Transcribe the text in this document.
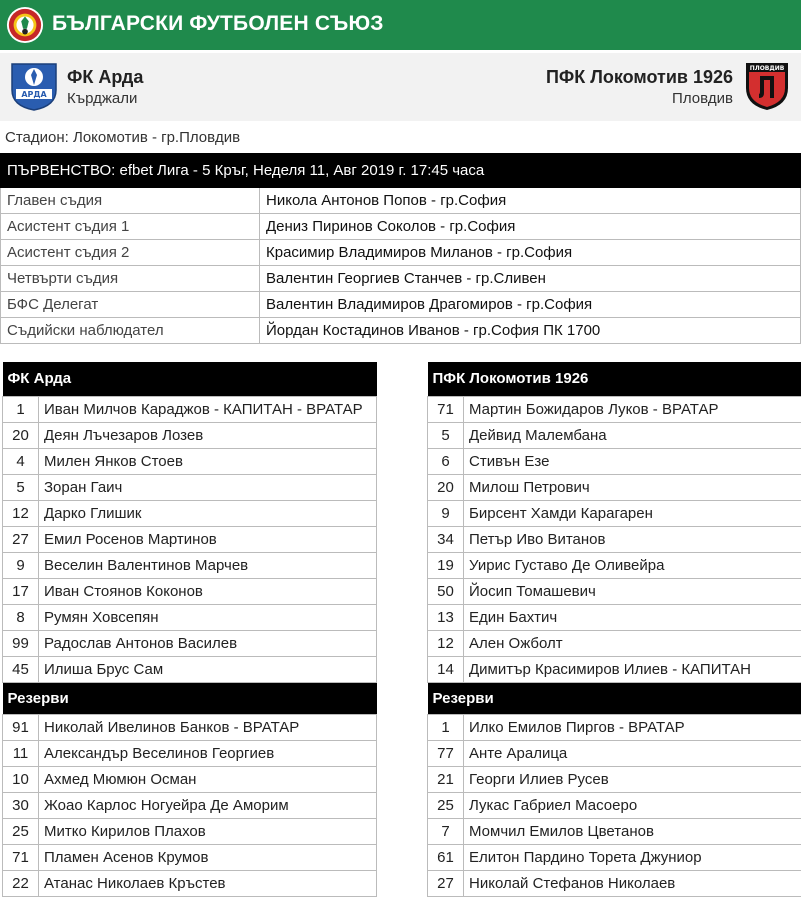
БЪЛГАРСКИ ФУТБОЛЕН СЪЮЗ
АРДА
ФК Арда
Кърджали
ПФК Локомотив 1926
Пловдив
ПЛОВДИВ
Стадион: Локомотив - гр.Пловдив
ПЪРВЕНСТВО: efbet Лига - 5 Кръг, Неделя 11, Авг 2019 г. 17:45 часа	
Главен съдия	Никола Антонов Попов - гр.София
Асистент съдия 1	Дениз Пиринов Соколов - гр.София
Асистент съдия 2	Красимир Владимиров Миланов - гр.София
Четвърти съдия	Валентин Георгиев Станчев - гр.Сливен
БФС Делегат	Валентин Владимиров Драгомиров - гр.София
Съдийски наблюдател	Йордан Костадинов Иванов - гр.София ПК 1700
ФК Арда	
1	Иван Милчов Караджов - КАПИТАН - ВРАТАР
20	Деян Лъчезаров Лозев
4	Милен Янков Стоев
5	Зоран Гаич
12	Дарко Глишик
27	Емил Росенов Мартинов
9	Веселин Валентинов Марчев
17	Иван Стоянов Коконов
8	Румян Ховсепян
99	Радослав Антонов Василев
45	Илиша Брус Сам
Резерви	
91	Николай Ивелинов Банков - ВРАТАР
11	Александър Веселинов Георгиев
10	Ахмед Мюмюн Осман
30	Жоао Карлос Ногуейра Де Аморим
25	Митко Кирилов Плахов
71	Пламен Асенов Крумов
22	Атанас Николаев Кръстев
ПФК Локомотив 1926	
71	Мартин Божидаров Луков - ВРАТАР
5	Дейвид Малембана
6	Стивън Езе
20	Милош Петрович
9	Бирсент Хамди Карагарен
34	Петър Иво Витанов
19	Уирис Густаво Де Оливейра
50	Йосип Томашевич
13	Един Бахтич
12	Ален Ожболт
14	Димитър Красимиров Илиев - КАПИТАН
Резерви	
1	Илко Емилов Пиргов - ВРАТАР
77	Анте Аралица
21	Георги Илиев Русев
25	Лукас Габриел Масоеро
7	Момчил Емилов Цветанов
61	Елитон Пардино Торета Джуниор
27	Николай Стефанов Николаев
